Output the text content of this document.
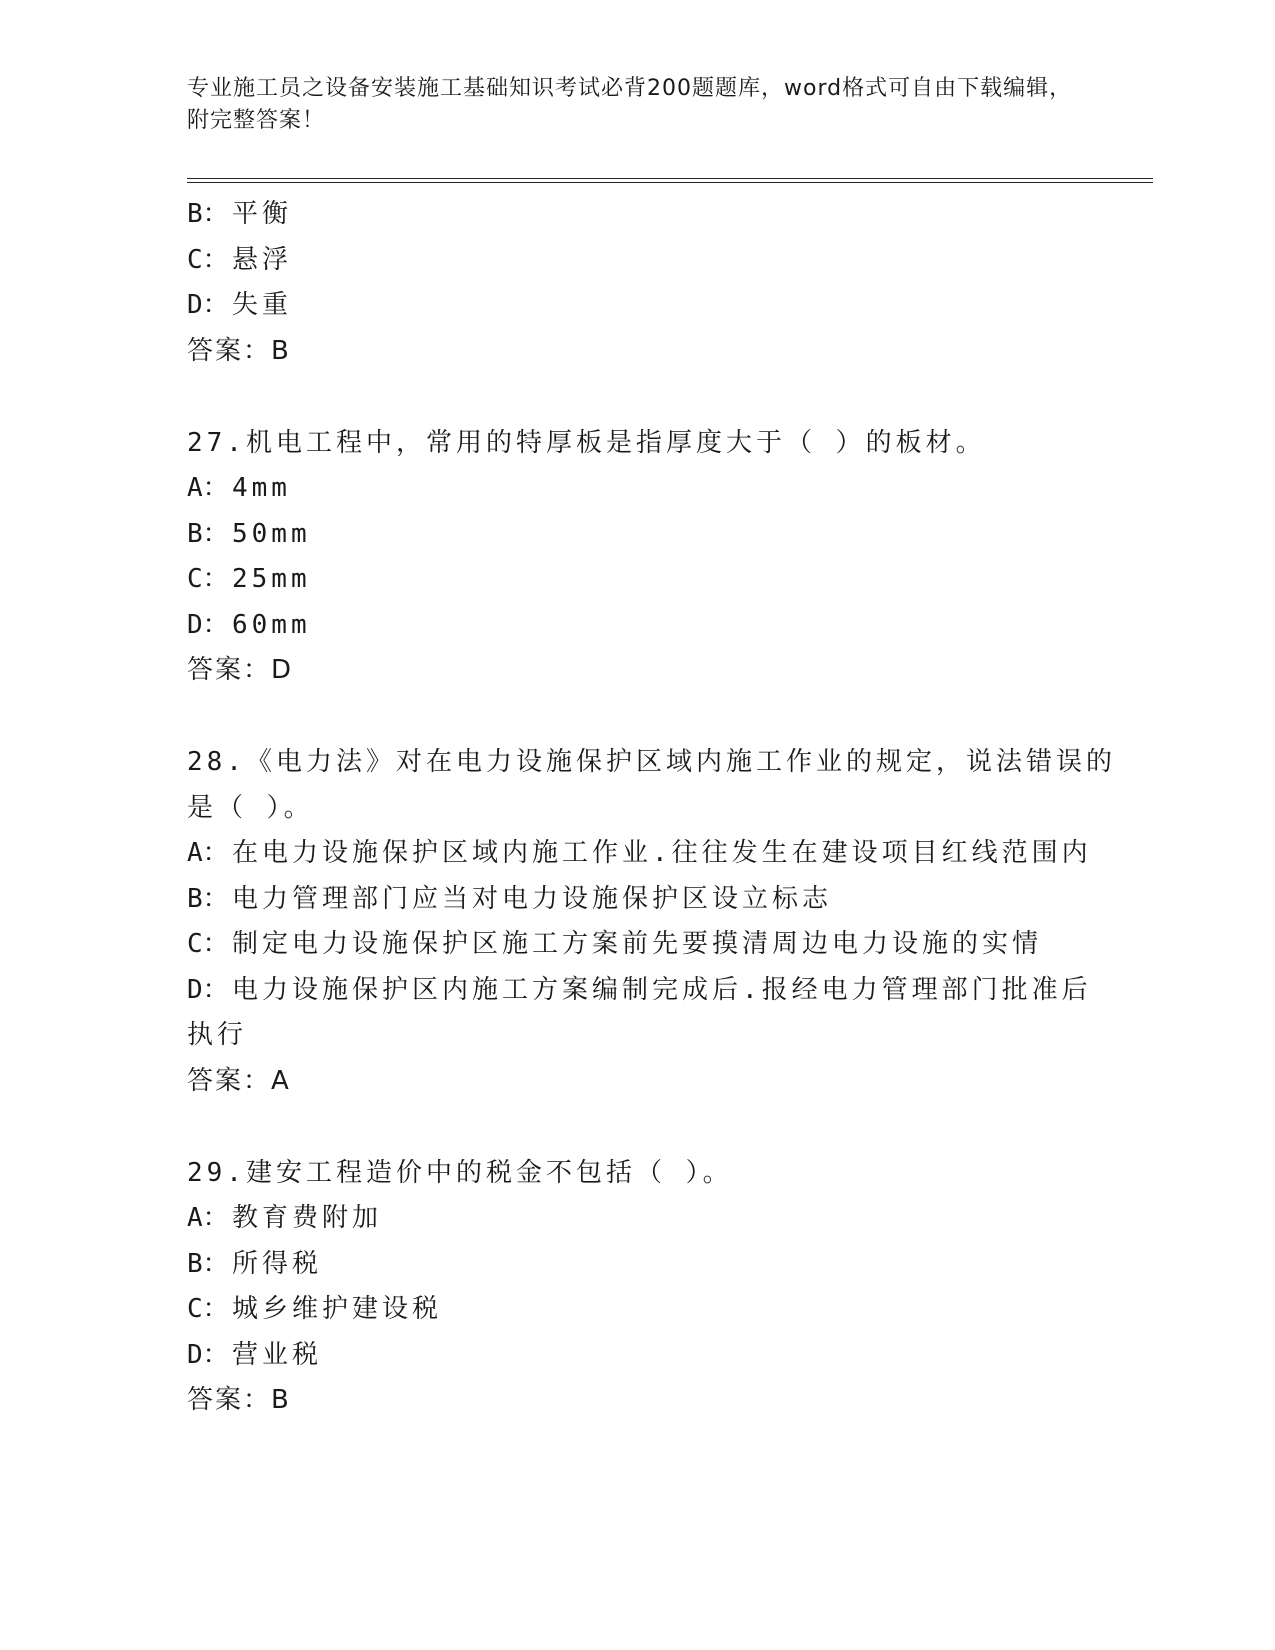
专业施工员之设备安装施工基础知识考试必背200题题库，word格式可自由下载编辑，附完整答案！
B： 平衡
C： 悬浮
D： 失重
答案：B
27.机电工程中，常用的特厚板是指厚度大于（ ）的板材。
A： 4mm
B： 50mm
C： 25mm
D： 60mm
答案：D
28.《电力法》对在电力设施保护区域内施工作业的规定，说法错误的
是（ ）。
A： 在电力设施保护区域内施工作业.往往发生在建设项目红线范围内
B： 电力管理部门应当对电力设施保护区设立标志
C： 制定电力设施保护区施工方案前先要摸清周边电力设施的实情
D： 电力设施保护区内施工方案编制完成后.报经电力管理部门批准后
执行
答案：A
29.建安工程造价中的税金不包括（ ）。
A： 教育费附加
B： 所得税
C： 城乡维护建设税
D： 营业税
答案：B
